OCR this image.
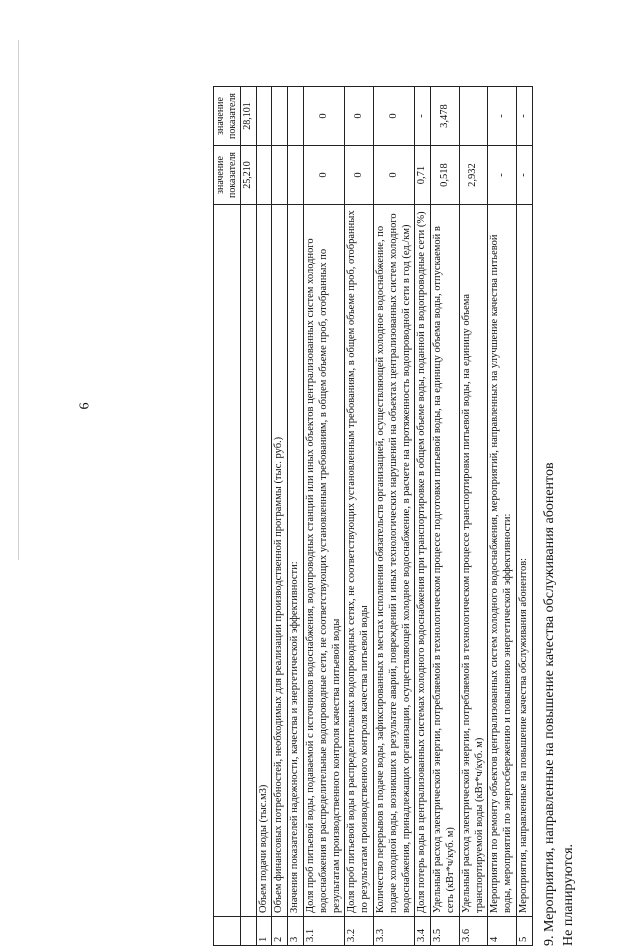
6
		значение показателя	значение показателя
		25,210	28,101
1	Объем подачи воды (тыс.м3)		
2	Объем финансовых потребностей, необходимых для реализации производственной программы (тыс. руб.)		
3	Значения показателей надежности, качества и энергетической эффективности:		
3.1	Доля проб питьевой воды, подаваемой с источников водоснабжения, водопроводных станций или иных объектов централизованных систем холодного водоснабжения в распределительные водопроводные сети, не соответствующих установленным требованиям, в общем объеме проб, отобранных по результатам производственного контроля качества питьевой воды	0	0
3.2	Доля проб питьевой воды в распределительных водопроводных сетях, не соответствующих установленным требованиям, в общем объеме проб, отобранных по результатам производственного контроля качества питьевой воды	0	0
3.3	Количество перерывов в подаче воды, зафиксированных в местах исполнения обязательств организацией, осуществляющей холодное водоснабжение, по подаче холодной воды, возникших в результате аварий, повреждений и иных технологических нарушений на объектах централизованных систем холодного водоснабжения, принадлежащих организации, осуществляющей холодное водоснабжение, в расчете на протяженность водопроводной сети в год (ед./км)	0	0
3.4	Доля потерь воды в централизованных системах холодного водоснабжения при транспортировке в общем объеме воды, поданной в водопроводные сети (%)	0,71	-
3.5	Удельный расход электрической энергии, потребляемой в технологическом процессе подготовки питьевой воды, на единицу объема воды, отпускаемой в сеть (кВт*ч/куб. м)	0,518	3,478
3.6	Удельный расход электрической энергии, потребляемой в технологическом процессе транспортировки питьевой воды, на единицу объема транспортируемой воды (кВт*ч/куб. м)	2,932	
4	Мероприятия по ремонту объектов централизованных систем холодного водоснабжения, мероприятий, направленных на улучшение качества питьевой воды, мероприятий по энергосбережению и повышению энергетической эффективности:	-	-
5	Мероприятия, направленные на повышение качества обслуживания абонентов:	-	-
9. Мероприятия, направленные на повышение качества обслуживания абонентов Не планируются.
